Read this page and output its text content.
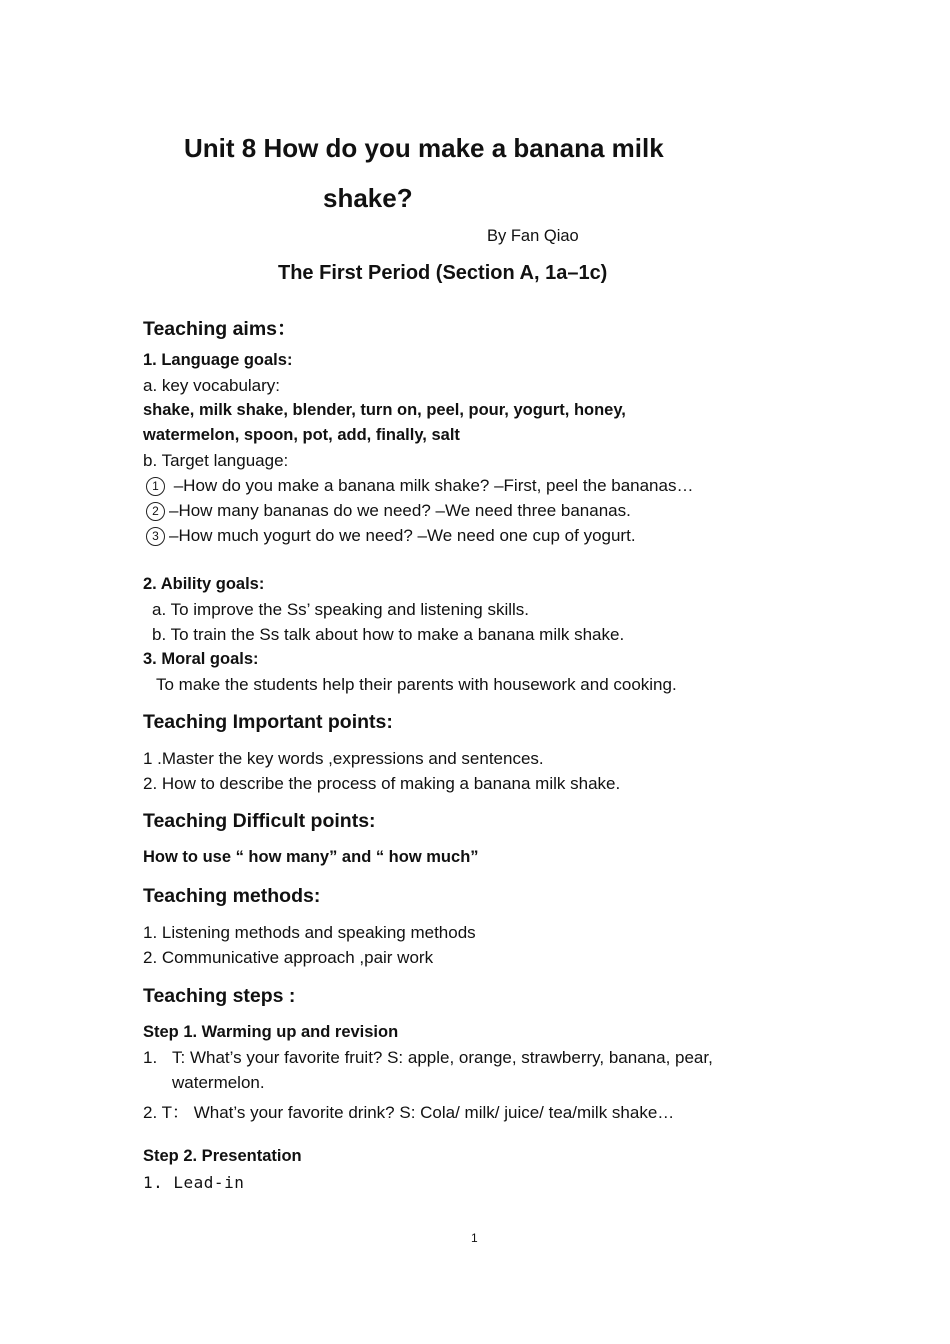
Unit 8 How do you make a banana milk
shake?
By Fan Qiao
The First Period (Section A, 1a–1c)
Teaching aims：
1. Language goals:
a. key vocabulary:
shake, milk shake, blender, turn on, peel, pour, yogurt, honey,
watermelon, spoon, pot, add, finally, salt
b. Target language:
1 –How do you make a banana milk shake? –First, peel the bananas…
2 –How many bananas do we need? –We need three bananas.
3 –How much yogurt do we need? –We need one cup of yogurt.
2. Ability goals:
a. To improve the Ss’ speaking and listening skills.
b. To train the Ss talk about how to make a banana milk shake.
3. Moral goals:
To make the students help their parents with housework and cooking.
Teaching Important points:
1 .Master the key words ,expressions and sentences.
2. How to describe the process of making a banana milk shake.
Teaching Difficult points:
How to use “ how many” and “ how much”
Teaching methods:
1. Listening methods and speaking methods
2. Communicative approach ,pair work
Teaching steps :
Step 1. Warming up and revision
1. T: What’s your favorite fruit? S: apple, orange, strawberry, banana, pear,
watermelon.
2. T： What’s your favorite drink? S: Cola/ milk/ juice/ tea/milk shake…
Step 2. Presentation
1. Lead-in
1
